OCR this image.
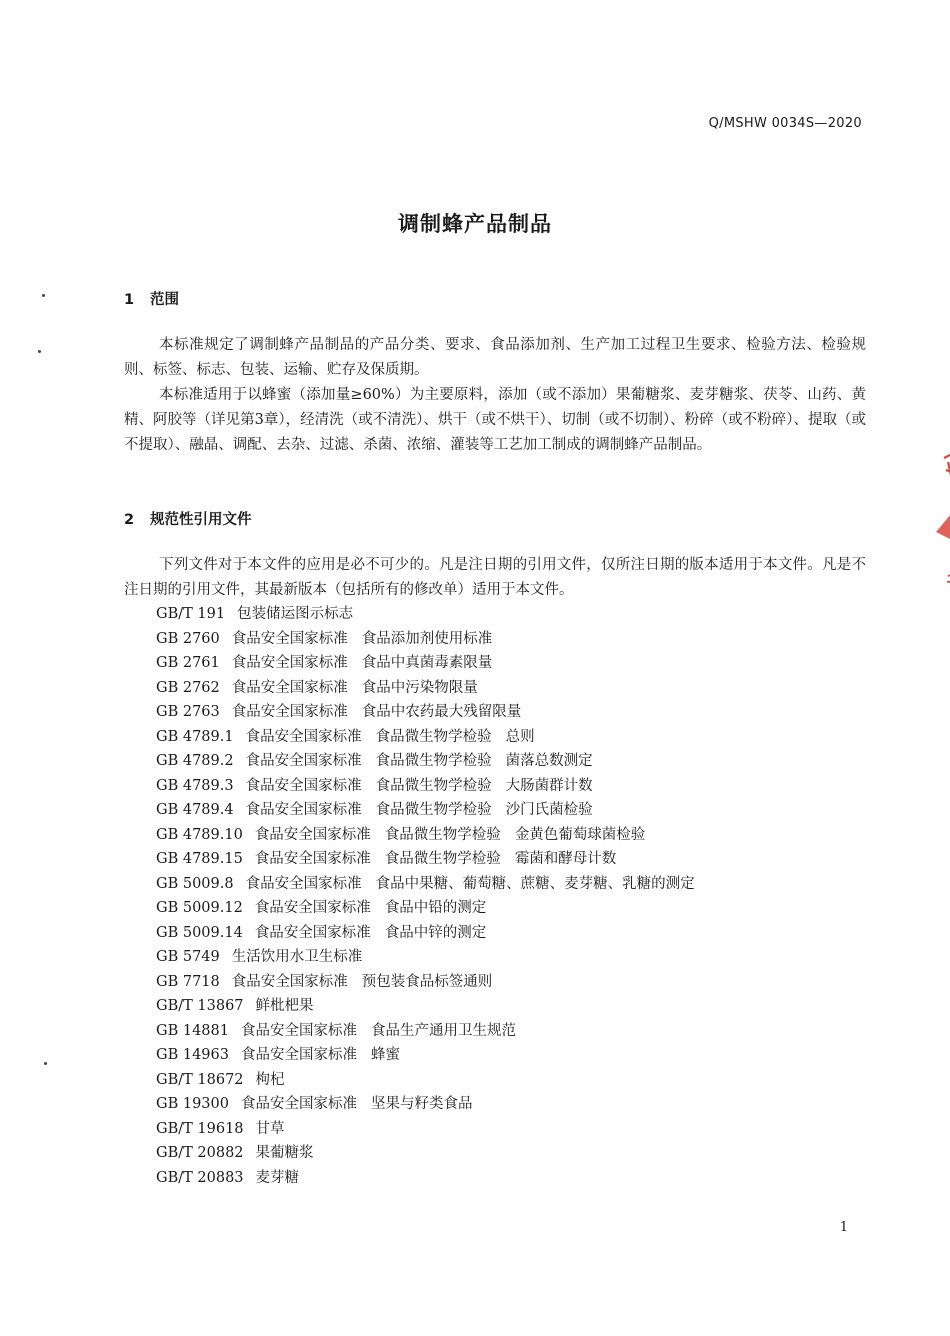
Q/MSHW 0034S—2020
调制蜂产品制品
1 范围
本标准规定了调制蜂产品制品的产品分类、要求、食品添加剂、生产加工过程卫生要求、检验方法、检验规则、标签、标志、包装、运输、贮存及保质期。
本标准适用于以蜂蜜（添加量≥60%）为主要原料，添加（或不添加）果葡糖浆、麦芽糖浆、茯苓、山药、黄精、阿胶等（详见第3章），经清洗（或不清洗）、烘干（或不烘干）、切制（或不切制）、粉碎（或不粉碎）、提取（或不提取）、融晶、调配、去杂、过滤、杀菌、浓缩、灌装等工艺加工制成的调制蜂产品制品。
2 规范性引用文件
下列文件对于本文件的应用是必不可少的。凡是注日期的引用文件，仅所注日期的版本适用于本文件。凡是不注日期的引用文件，其最新版本（包括所有的修改单）适用于本文件。
GB/T 191 包装储运图示标志
GB 2760 食品安全国家标准 食品添加剂使用标准
GB 2761 食品安全国家标准 食品中真菌毒素限量
GB 2762 食品安全国家标准 食品中污染物限量
GB 2763 食品安全国家标准 食品中农药最大残留限量
GB 4789.1 食品安全国家标准 食品微生物学检验 总则
GB 4789.2 食品安全国家标准 食品微生物学检验 菌落总数测定
GB 4789.3 食品安全国家标准 食品微生物学检验 大肠菌群计数
GB 4789.4 食品安全国家标准 食品微生物学检验 沙门氏菌检验
GB 4789.10 食品安全国家标准 食品微生物学检验 金黄色葡萄球菌检验
GB 4789.15 食品安全国家标准 食品微生物学检验 霉菌和酵母计数
GB 5009.8 食品安全国家标准 食品中果糖、葡萄糖、蔗糖、麦芽糖、乳糖的测定
GB 5009.12 食品安全国家标准 食品中铅的测定
GB 5009.14 食品安全国家标准 食品中锌的测定
GB 5749 生活饮用水卫生标准
GB 7718 食品安全国家标准 预包装食品标签通则
GB/T 13867 鲜枇杷果
GB 14881 食品安全国家标准 食品生产通用卫生规范
GB 14963 食品安全国家标准 蜂蜜
GB/T 18672 枸杞
GB 19300 食品安全国家标准 坚果与籽类食品
GB/T 19618 甘草
GB/T 20882 果葡糖浆
GB/T 20883 麦芽糖
1
